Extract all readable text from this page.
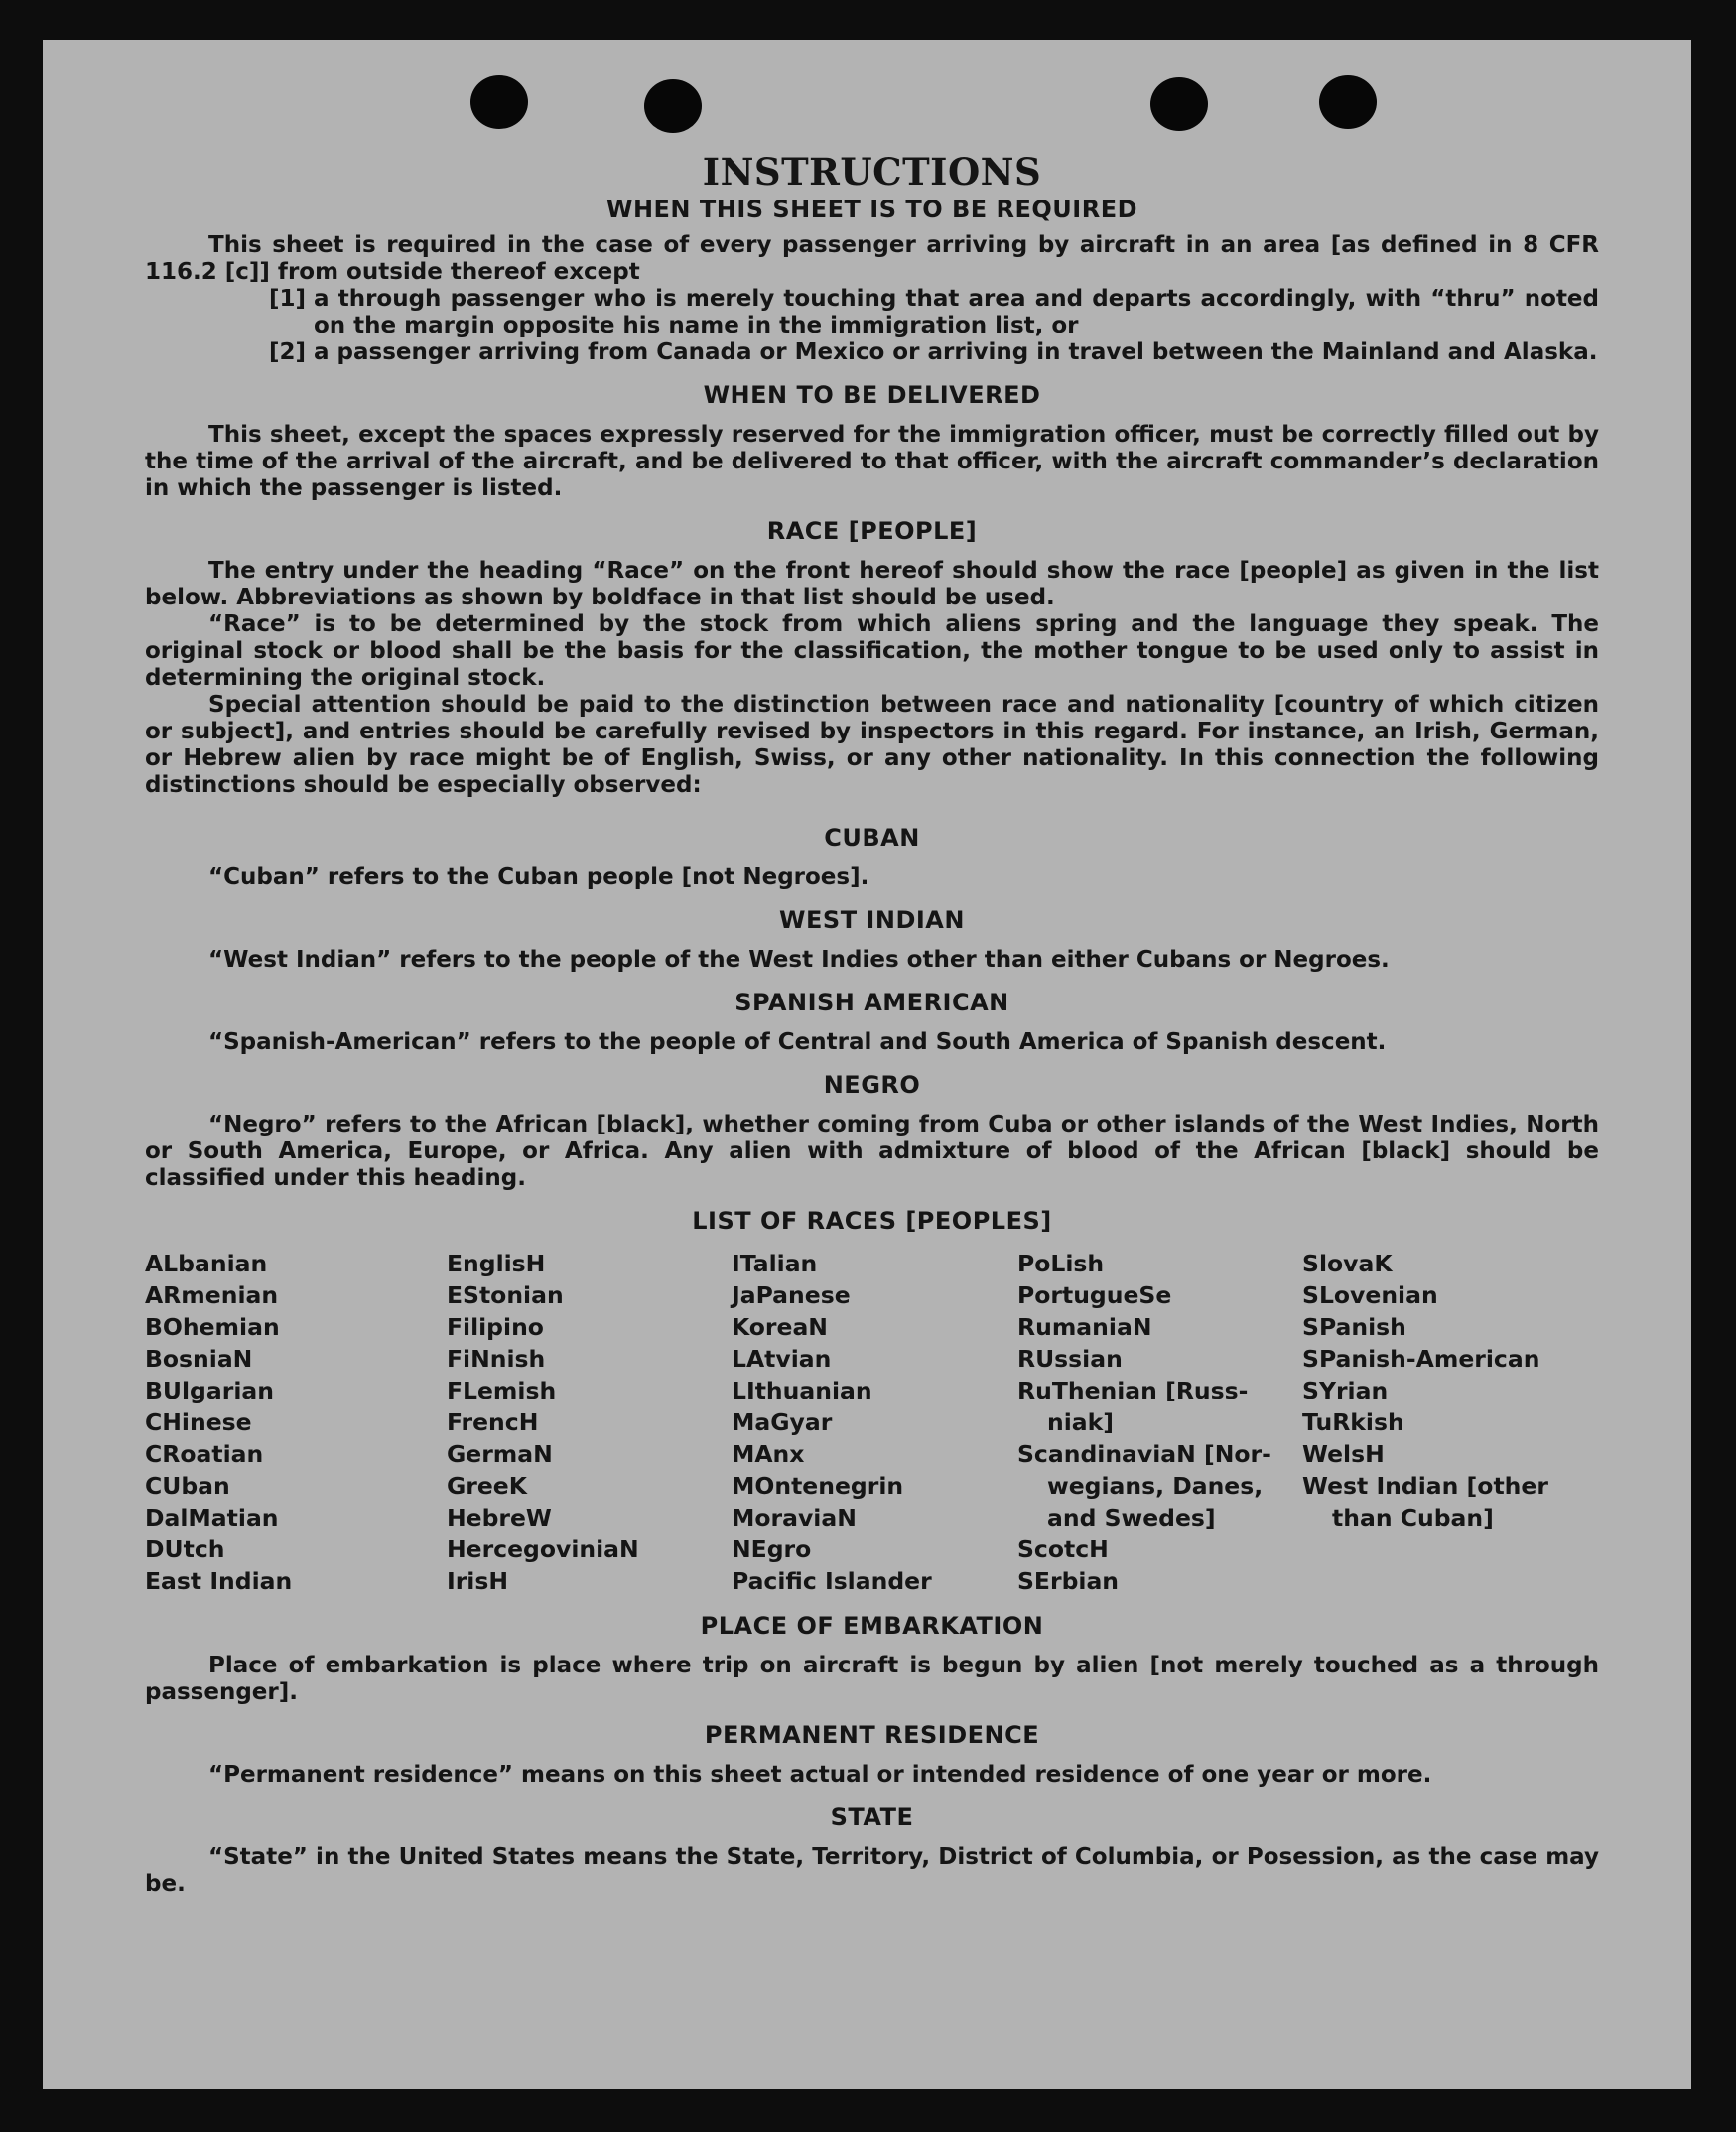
INSTRUCTIONS
WHEN THIS SHEET IS TO BE REQUIRED

This sheet is required in the case of every passenger arriving by aircraft in an area [as defined in 8 CFR 116.2 [c]] from outside thereof except

[1] a through passenger who is merely touching that area and departs accordingly, with “thru” noted on the margin opposite his name in the immigration list, or
[2] a passenger arriving from Canada or Mexico or arriving in travel between the Mainland and Alaska.
WHEN TO BE DELIVERED

This sheet, except the spaces expressly reserved for the immigration officer, must be correctly filled out by the time of the arrival of the aircraft, and be delivered to that officer, with the aircraft commander’s declaration in which the passenger is listed.

RACE [PEOPLE]

The entry under the heading “Race” on the front hereof should show the race [people] as given in the list below. Abbreviations as shown by boldface in that list should be used.

“Race” is to be determined by the stock from which aliens spring and the language they speak. The original stock or blood shall be the basis for the classification, the mother tongue to be used only to assist in determining the original stock.

Special attention should be paid to the distinction between race and nationality [country of which citizen or subject], and entries should be carefully revised by inspectors in this regard. For instance, an Irish, German, or Hebrew alien by race might be of English, Swiss, or any other nationality. In this connection the following distinctions should be especially observed:

CUBAN

“Cuban” refers to the Cuban people [not Negroes].

WEST INDIAN

“West Indian” refers to the people of the West Indies other than either Cubans or Negroes.

SPANISH AMERICAN

“Spanish-American” refers to the people of Central and South America of Spanish descent.

NEGRO

“Negro” refers to the African [black], whether coming from Cuba or other islands of the West Indies, North or South America, Europe, or Africa. Any alien with admixture of blood of the African [black] should be classified under this heading.

LIST OF RACES [PEOPLES]
ALbanian
ARmenian
BOhemian
BosniaN
BUlgarian
CHinese
CRoatian
CUban
DalMatian
DUtch
East Indian
EnglisH
EStonian
Filipino
FiNnish
FLemish
FrencH
GermaN
GreeK
HebreW
HercegoviniaN
IrisH
ITalian
JaPanese
KoreaN
LAtvian
LIthuanian
MaGyar
MAnx
MOntenegrin
MoraviaN
NEgro
Pacific Islander
PoLish
PortugueSe
RumaniaN
RUssian
RuThenian [Russ-
niak]
ScandinaviaN [Nor-
wegians, Danes,
and Swedes]
ScotcH
SErbian
SlovaK
SLovenian
SPanish
SPanish-American
SYrian
TuRkish
WelsH
West Indian [other
than Cuban]
PLACE OF EMBARKATION

Place of embarkation is place where trip on aircraft is begun by alien [not merely touched as a through passenger].

PERMANENT RESIDENCE

“Permanent residence” means on this sheet actual or intended residence of one year or more.

STATE

“State” in the United States means the State, Territory, District of Columbia, or Posession, as the case may be.
